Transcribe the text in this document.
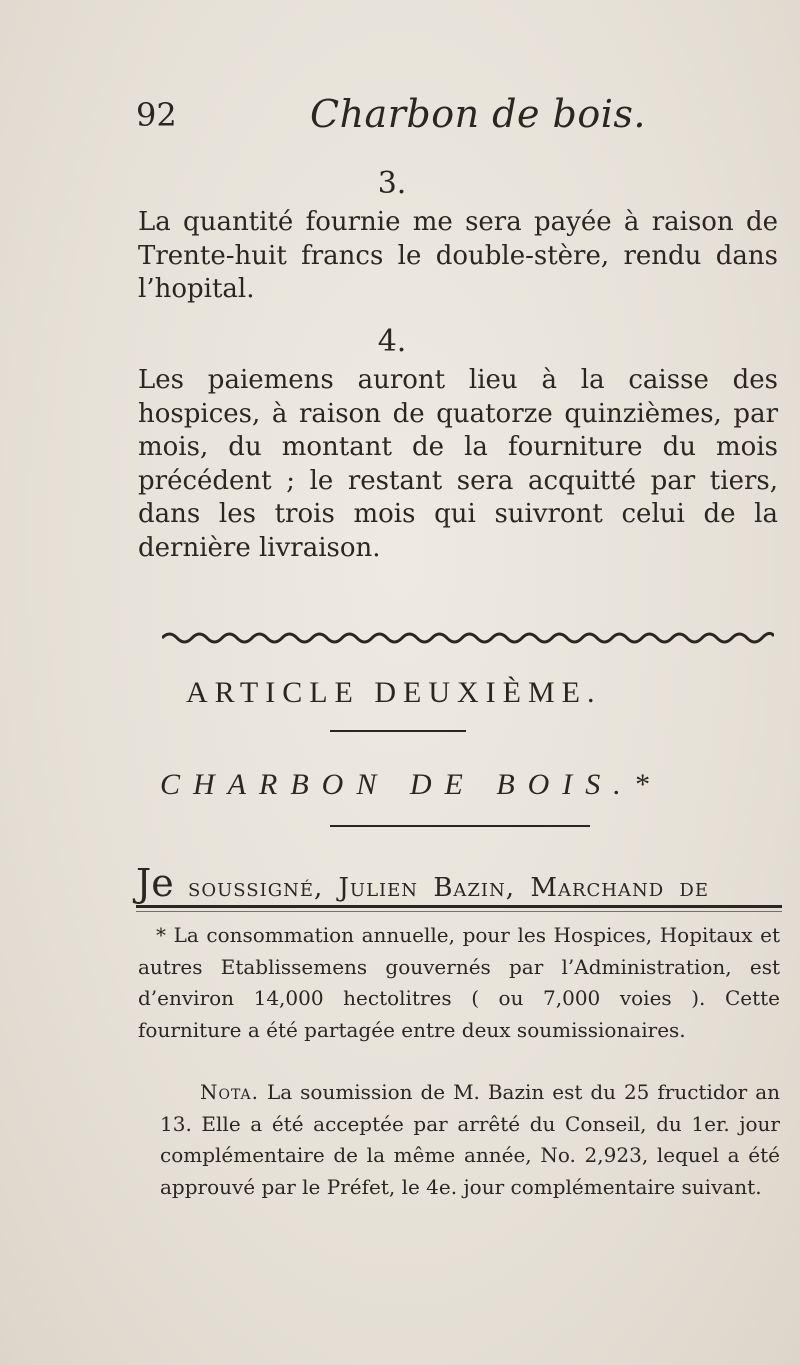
92	Charbon de bois.
3.
La quantité fournie me sera payée à raison de Trente-huit francs le double-stère, rendu dans l’hopital.
4.
Les paiemens auront lieu à la caisse des hospices, à raison de quatorze quinzièmes, par mois, du montant de la fourniture du mois précédent ; le restant sera acquitté par tiers, dans les trois mois qui suivront celui de la dernière livraison.
ARTICLE DEUXIÈME.
CHARBON DE BOIS.*
Je soussigné, Julien Bazin, Marchand de
* La consommation annuelle, pour les Hospices, Hopitaux et autres Etablissemens gouvernés par l’Administration, est d’environ 14,000 hectolitres ( ou 7,000 voies ). Cette fourniture a été partagée entre deux soumissionaires.
Nota. La soumission de M. Bazin est du 25 fructidor an 13. Elle a été acceptée par arrêté du Conseil, du 1er. jour complémentaire de la même année, No. 2,923, lequel a été approuvé par le Préfet, le 4e. jour complémentaire suivant.
